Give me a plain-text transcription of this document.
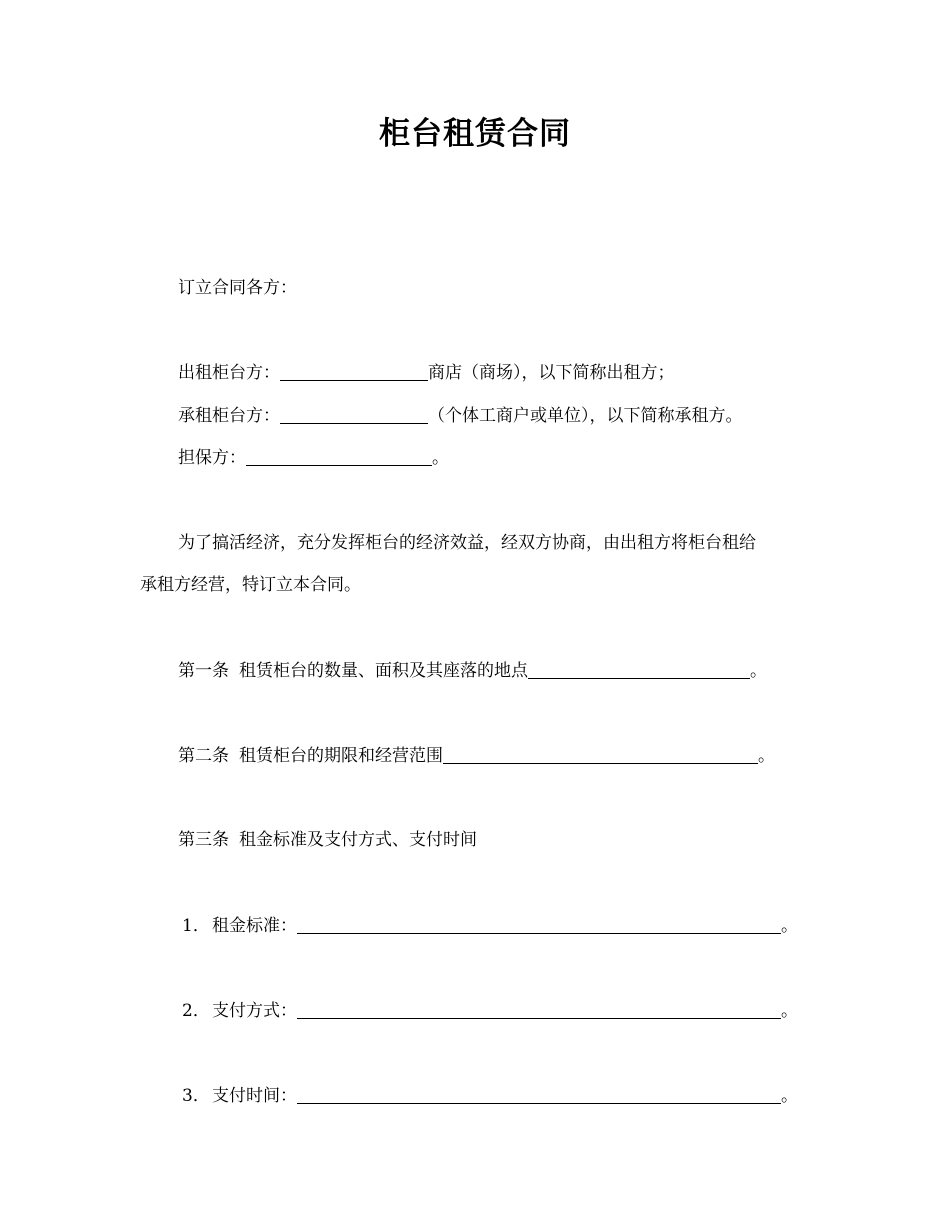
柜台租赁合同
订立合同各方：
出租柜台方：	商店（商场），以下简称出租方；
承租柜台方：	（个体工商户或单位），以下简称承租方。
担保方：	。
为了搞活经济，充分发挥柜台的经济效益，经双方协商，由出租方将柜台租给
承租方经营，特订立本合同。
第一条 租赁柜台的数量、面积及其座落的地点	。
第二条 租赁柜台的期限和经营范围	。
第三条 租金标准及支付方式、支付时间
1． 租金标准：	。
2． 支付方式：	。
3． 支付时间：	。
